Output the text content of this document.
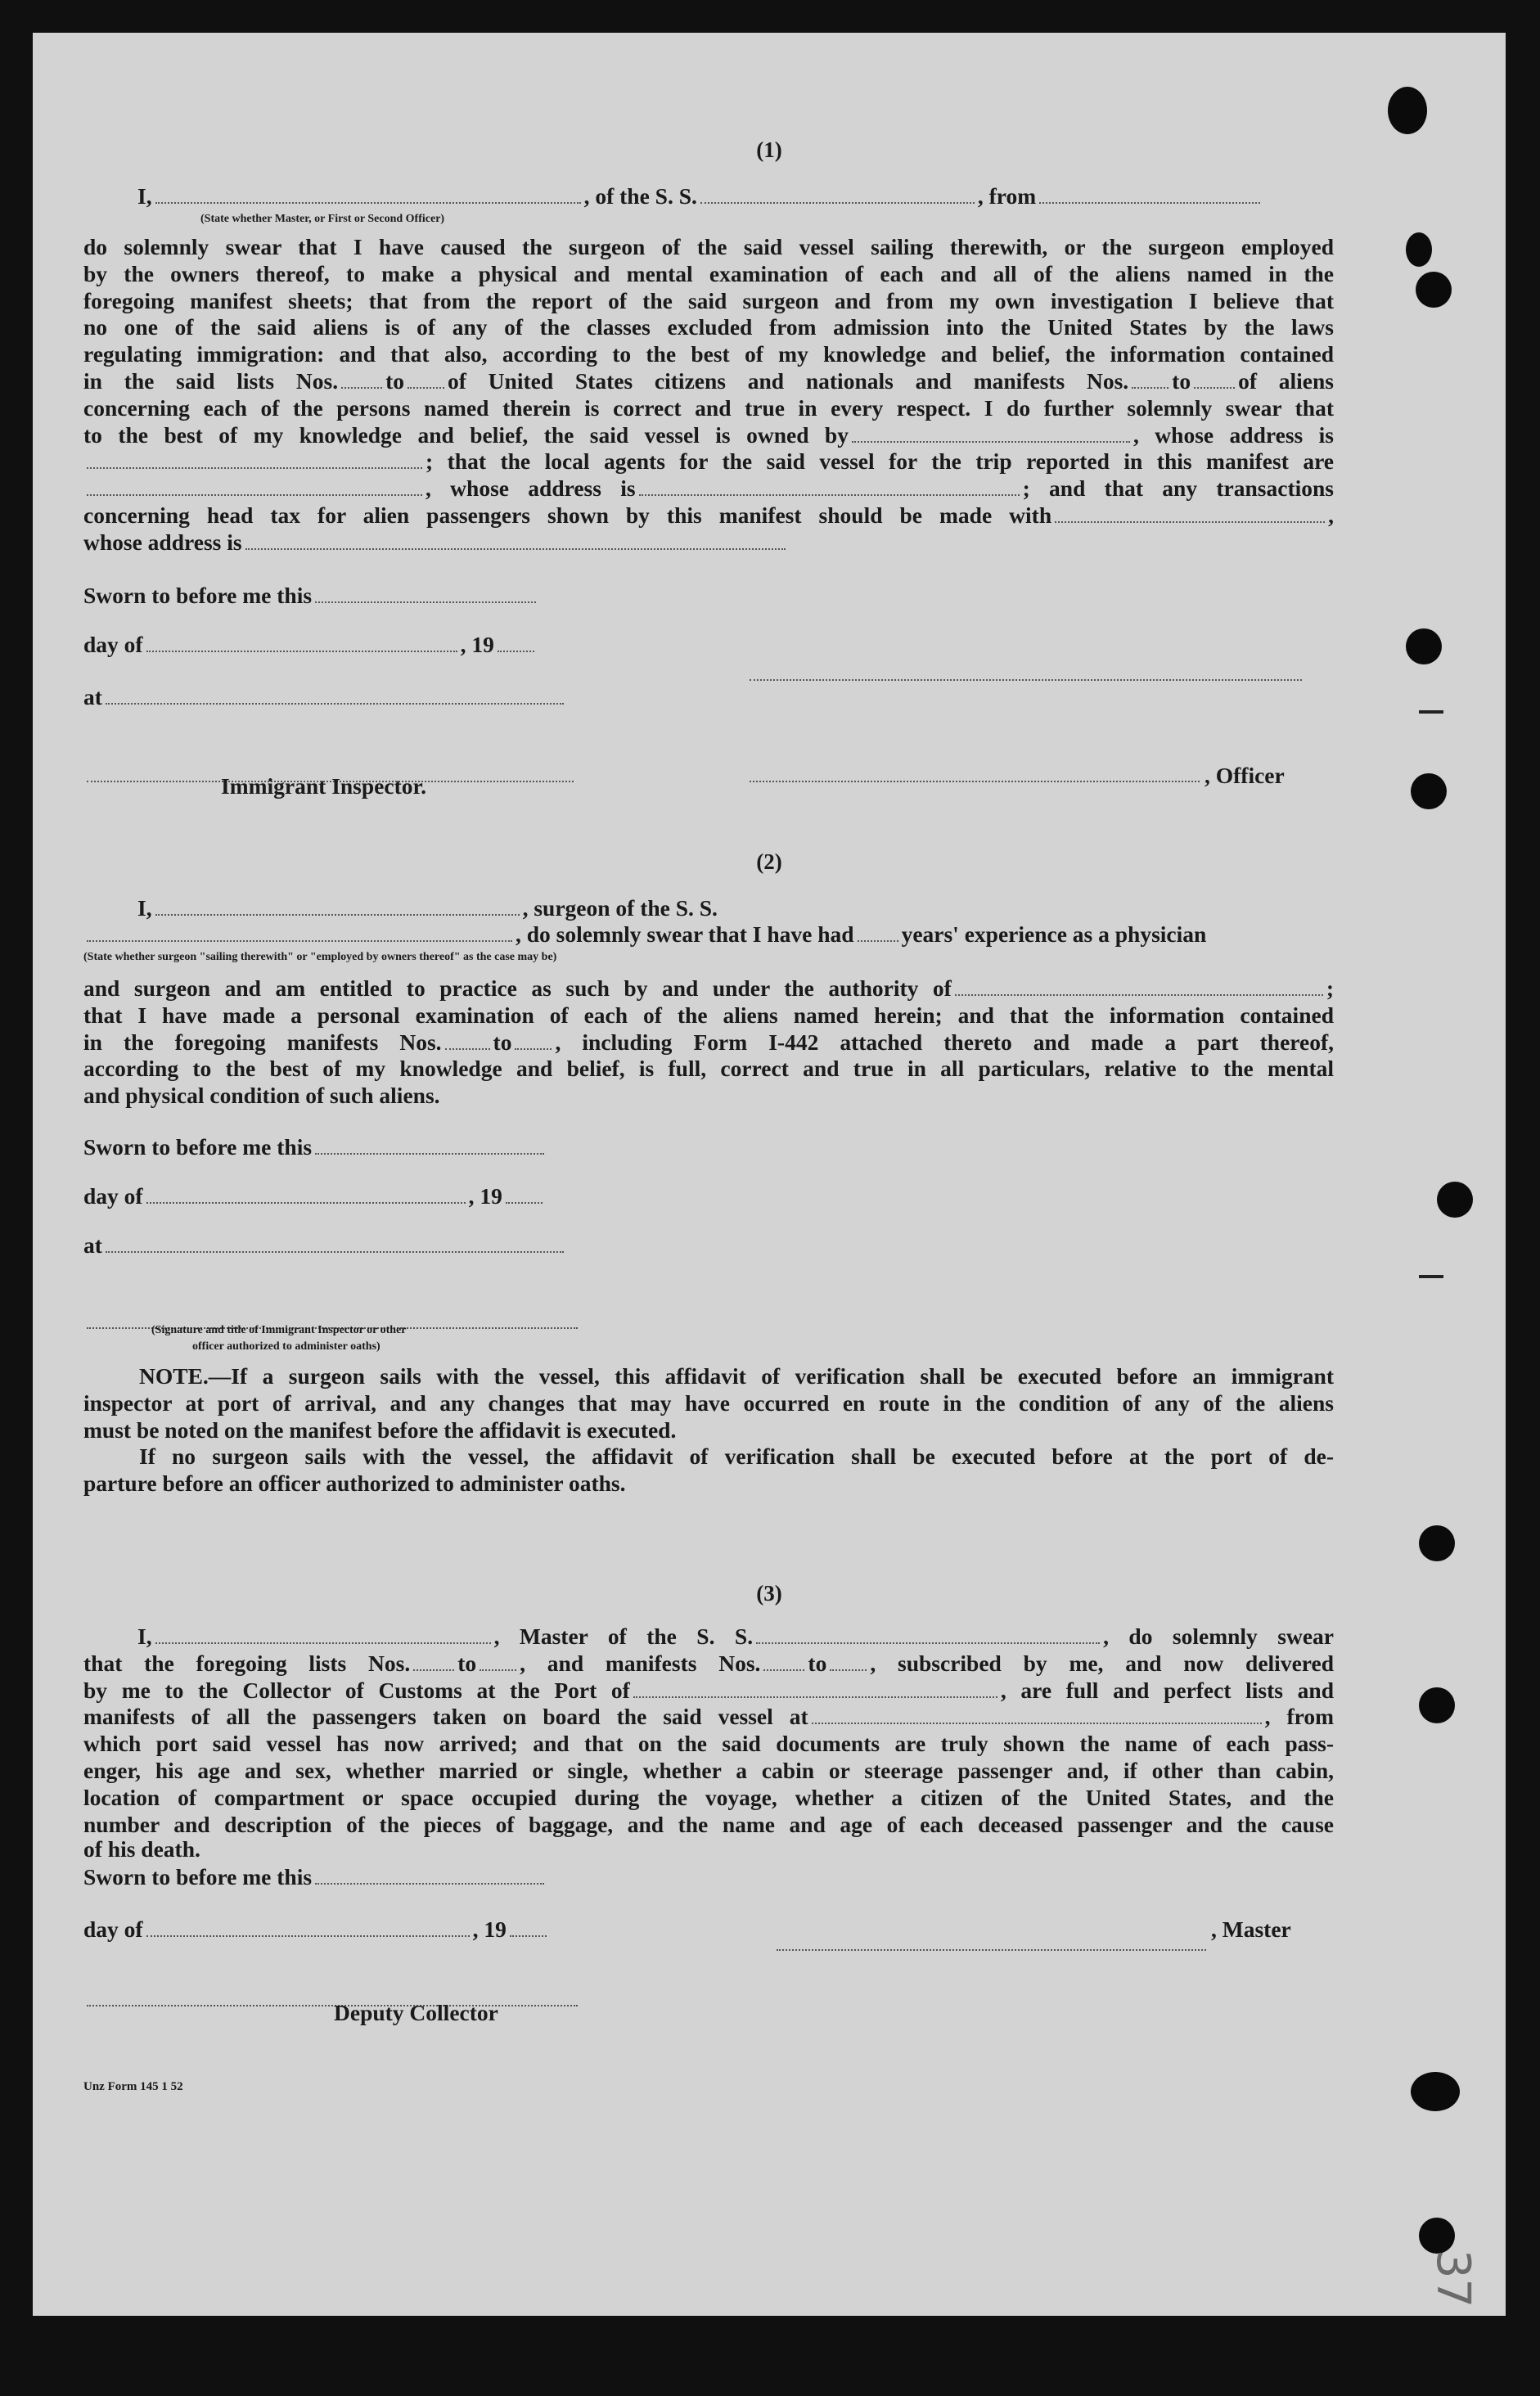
(1)
I,	, of the S. S.	, from
(State whether Master, or First or Second Officer)
do solemnly swear that I have caused the surgeon of the said vessel sailing therewith, or the surgeon employed
by the owners thereof, to make a physical and mental examination of each and all of the aliens named in the
foregoing manifest sheets; that from the report of the said surgeon and from my own investigation I believe that
no one of the said aliens is of any of the classes excluded from admission into the United States by the laws
regulating immigration: and that also, according to the best of my knowledge and belief, the information contained
in the said lists Nos. to of United States citizens and nationals and manifests Nos. to of aliens
concerning each of the persons named therein is correct and true in every respect. I do further solemnly swear that
to the best of my knowledge and belief, the said vessel is owned by	, whose address is
; that the local agents for the said vessel for the trip reported in this manifest are
, whose address is	; and that any transactions
concerning head tax for alien passengers shown by this manifest should be made with	,
whose address is
Sworn to before me this
day of	, 19
at
Immigrant Inspector.	, Officer
(2)
I,	, surgeon of the S. S.
, do solemnly swear that I have had years' experience as a physician
(State whether surgeon "sailing therewith" or "employed by owners thereof" as the case may be)
and surgeon and am entitled to practice as such by and under the authority of	;
that I have made a personal examination of each of the aliens named herein; and that the information contained
in the foregoing manifests Nos. to , including Form I-442 attached thereto and made a part thereof,
according to the best of my knowledge and belief, is full, correct and true in all particulars, relative to the mental
and physical condition of such aliens.
Sworn to before me this
day of	, 19
at
(Signature and title of Immigrant Inspector or other
officer authorized to administer oaths)
NOTE.—If a surgeon sails with the vessel, this affidavit of verification shall be executed before an immigrant
inspector at port of arrival, and any changes that may have occurred en route in the condition of any of the aliens
must be noted on the manifest before the affidavit is executed.
If no surgeon sails with the vessel, the affidavit of verification shall be executed before at the port of de-
parture before an officer authorized to administer oaths.
(3)
I,	, Master of the S. S.	, do solemnly swear
that the foregoing lists Nos. to , and manifests Nos. to , subscribed by me, and now delivered
by me to the Collector of Customs at the Port of	, are full and perfect lists and
manifests of all the passengers taken on board the said vessel at	, from
which port said vessel has now arrived; and that on the said documents are truly shown the name of each pass-
enger, his age and sex, whether married or single, whether a cabin or steerage passenger and, if other than cabin,
location of compartment or space occupied during the voyage, whether a citizen of the United States, and the
number and description of the pieces of baggage, and the name and age of each deceased passenger and the cause
of his death.
Sworn to before me this
day of	, 19	, Master
Deputy Collector
Unz Form 145 1 52
37
